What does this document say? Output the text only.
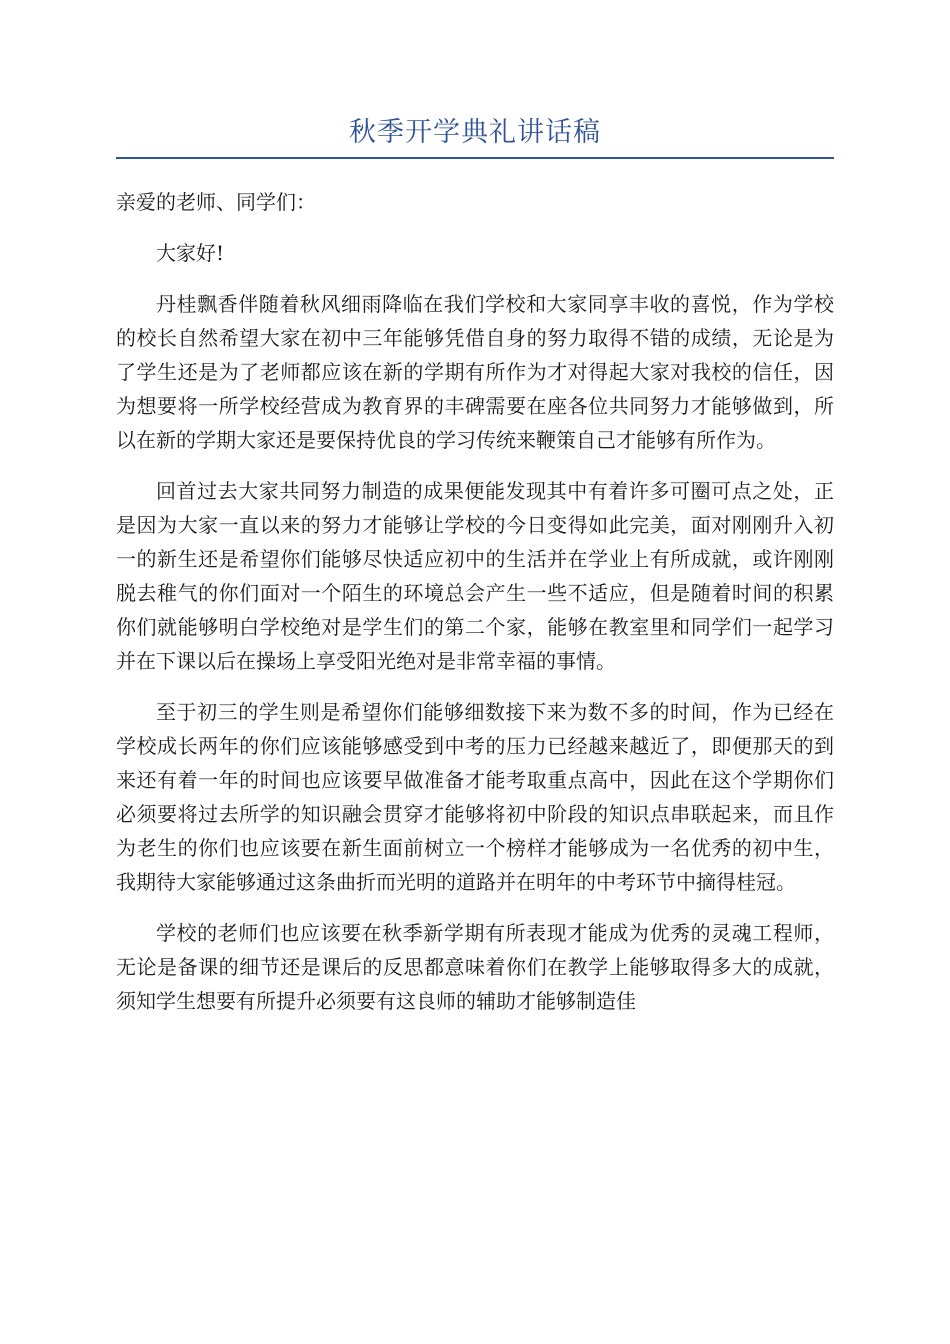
秋季开学典礼讲话稿

亲爱的老师、同学们：

大家好!

丹桂飘香伴随着秋风细雨降临在我们学校和大家同享丰收的喜悦，作为学校的校长自然希望大家在初中三年能够凭借自身的努力取得不错的成绩，无论是为了学生还是为了老师都应该在新的学期有所作为才对得起大家对我校的信任，因为想要将一所学校经营成为教育界的丰碑需要在座各位共同努力才能够做到，所以在新的学期大家还是要保持优良的学习传统来鞭策自己才能够有所作为。

回首过去大家共同努力制造的成果便能发现其中有着许多可圈可点之处，正是因为大家一直以来的努力才能够让学校的今日变得如此完美，面对刚刚升入初一的新生还是希望你们能够尽快适应初中的生活并在学业上有所成就，或许刚刚脱去稚气的你们面对一个陌生的环境总会产生一些不适应，但是随着时间的积累你们就能够明白学校绝对是学生们的第二个家，能够在教室里和同学们一起学习并在下课以后在操场上享受阳光绝对是非常幸福的事情。

至于初三的学生则是希望你们能够细数接下来为数不多的时间，作为已经在学校成长两年的你们应该能够感受到中考的压力已经越来越近了，即便那天的到来还有着一年的时间也应该要早做准备才能考取重点高中，因此在这个学期你们必须要将过去所学的知识融会贯穿才能够将初中阶段的知识点串联起来，而且作为老生的你们也应该要在新生面前树立一个榜样才能够成为一名优秀的初中生，我期待大家能够通过这条曲折而光明的道路并在明年的中考环节中摘得桂冠。

学校的老师们也应该要在秋季新学期有所表现才能成为优秀的灵魂工程师，无论是备课的细节还是课后的反思都意味着你们在教学上能够取得多大的成就，须知学生想要有所提升必须要有这良师的辅助才能够制造佳
